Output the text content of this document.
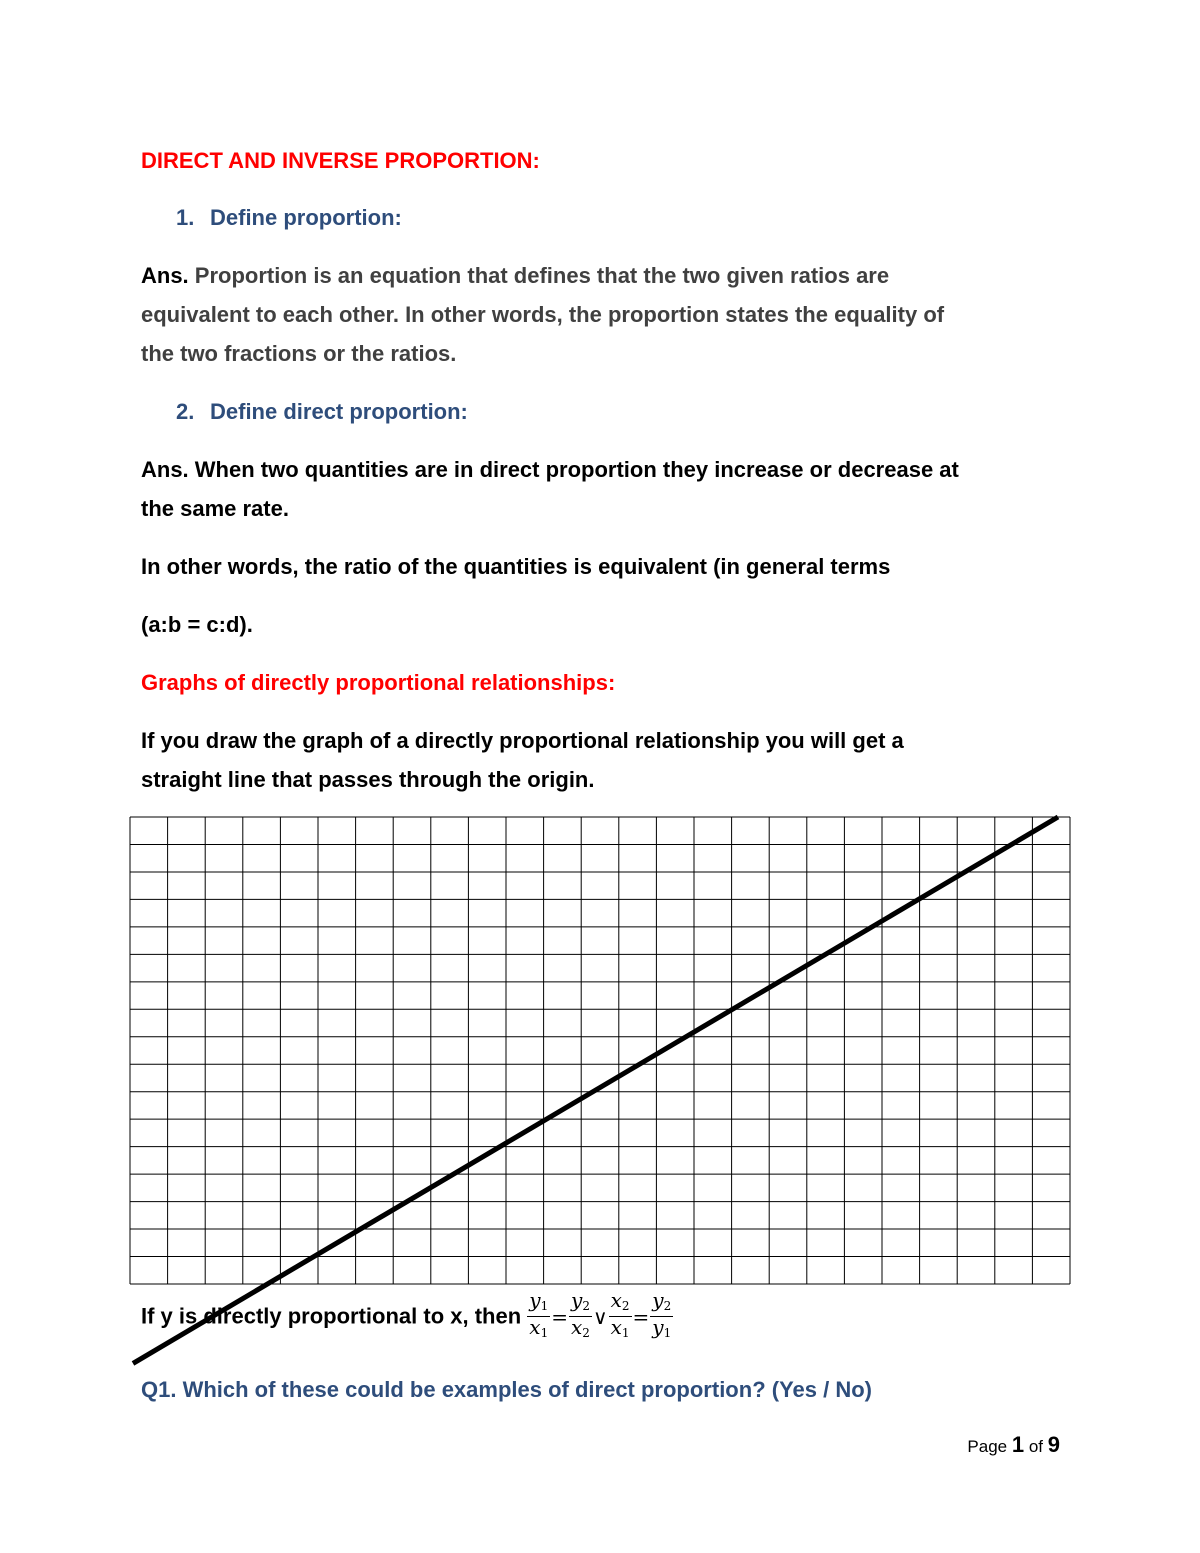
DIRECT AND INVERSE PROPORTION:
1. Define proportion:
Ans. Proportion is an equation that defines that the two given ratios are
equivalent to each other. In other words, the proportion states the equality of
the two fractions or the ratios.
2. Define direct proportion:
Ans. When two quantities are in direct proportion they increase or decrease at
the same rate.
In other words, the ratio of the quantities is equivalent (in general terms
(a:b = c:d).
Graphs of directly proportional relationships:
If you draw the graph of a directly proportional relationship you will get a
straight line that passes through the origin.
If y is directly proportional to x, then $\frac{y_1}{x_1} = \frac{y_2}{x_2}$ ∨ $\frac{x_2}{x_1} = \frac{y_2}{y_1}$
Q1. Which of these could be examples of direct proportion? (Yes / No)
Page 1 of 9
